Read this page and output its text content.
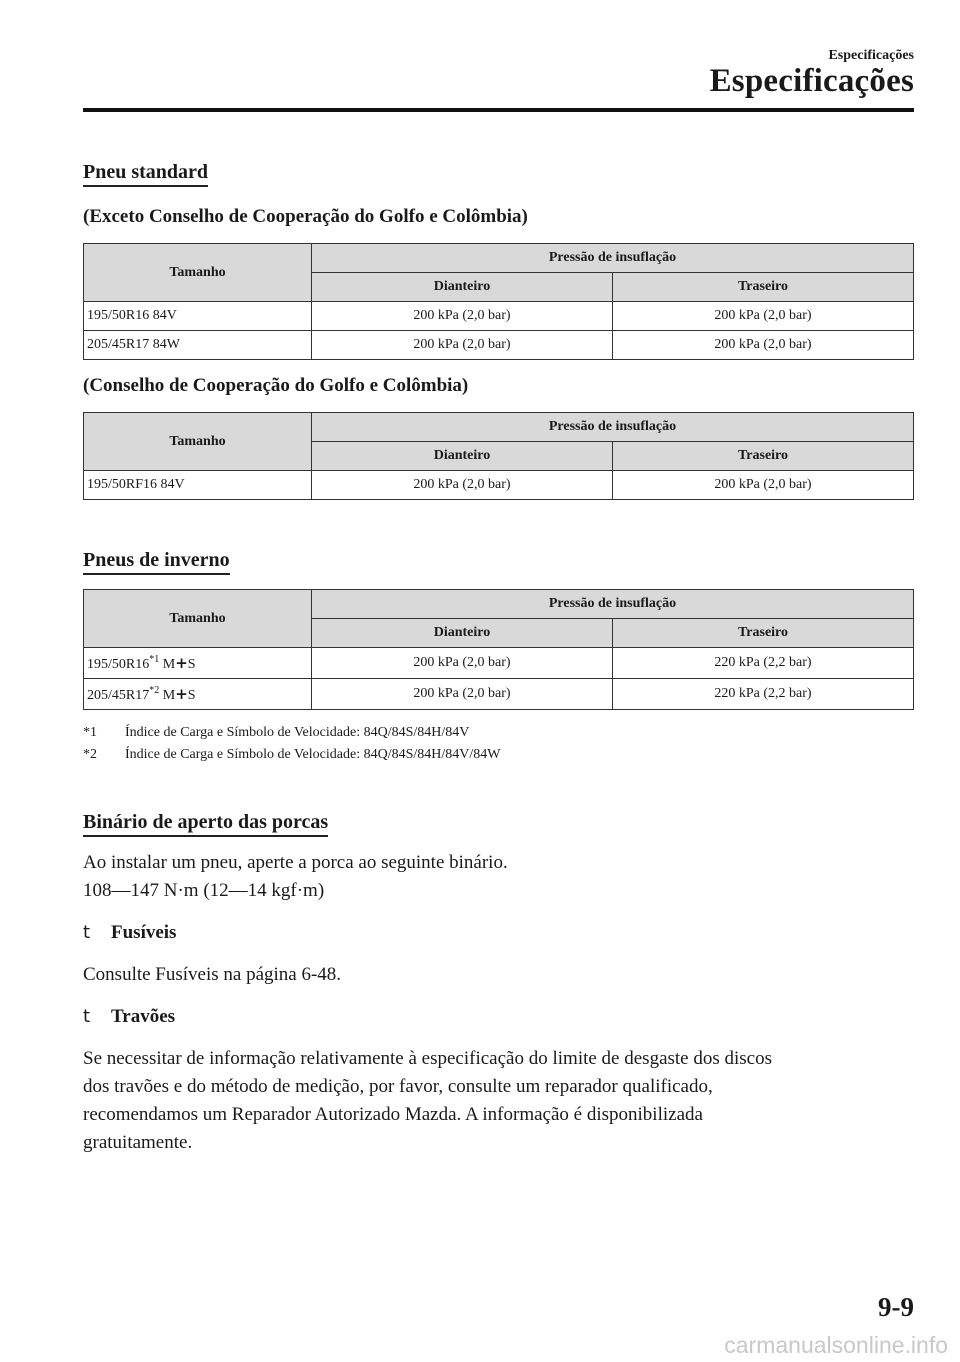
Especificações
Especificações
Pneu standard
(Exceto Conselho de Cooperação do Golfo e Colômbia)
Tamanho	Pressão de insuflação	
	Dianteiro	Traseiro
195/50R16 84V	200 kPa (2,0 bar)	200 kPa (2,0 bar)
205/45R17 84W	200 kPa (2,0 bar)	200 kPa (2,0 bar)
(Conselho de Cooperação do Golfo e Colômbia)
Tamanho	Pressão de insuflação	
	Dianteiro	Traseiro
195/50RF16 84V	200 kPa (2,0 bar)	200 kPa (2,0 bar)
Pneus de inverno
Tamanho	Pressão de insuflação	
	Dianteiro	Traseiro
195/50R16$^{*1}$ M+S	200 kPa (2,0 bar)	220 kPa (2,2 bar)
205/45R17$^{*2}$ M+S	200 kPa (2,0 bar)	220 kPa (2,2 bar)
*1 Índice de Carga e Símbolo de Velocidade: 84Q/84S/84H/84V
*2 Índice de Carga e Símbolo de Velocidade: 84Q/84S/84H/84V/84W
Binário de aperto das porcas
Ao instalar um pneu, aperte a porca ao seguinte binário.
108―147 N·m (12―14 kgf·m)
t Fusíveis
Consulte Fusíveis na página 6-48.
t Travões
Se necessitar de informação relativamente à especificação do limite de desgaste dos discos
dos travões e do método de medição, por favor, consulte um reparador qualificado,
recomendamos um Reparador Autorizado Mazda. A informação é disponibilizada
gratuitamente.
9-9
carmanualsonline.info
